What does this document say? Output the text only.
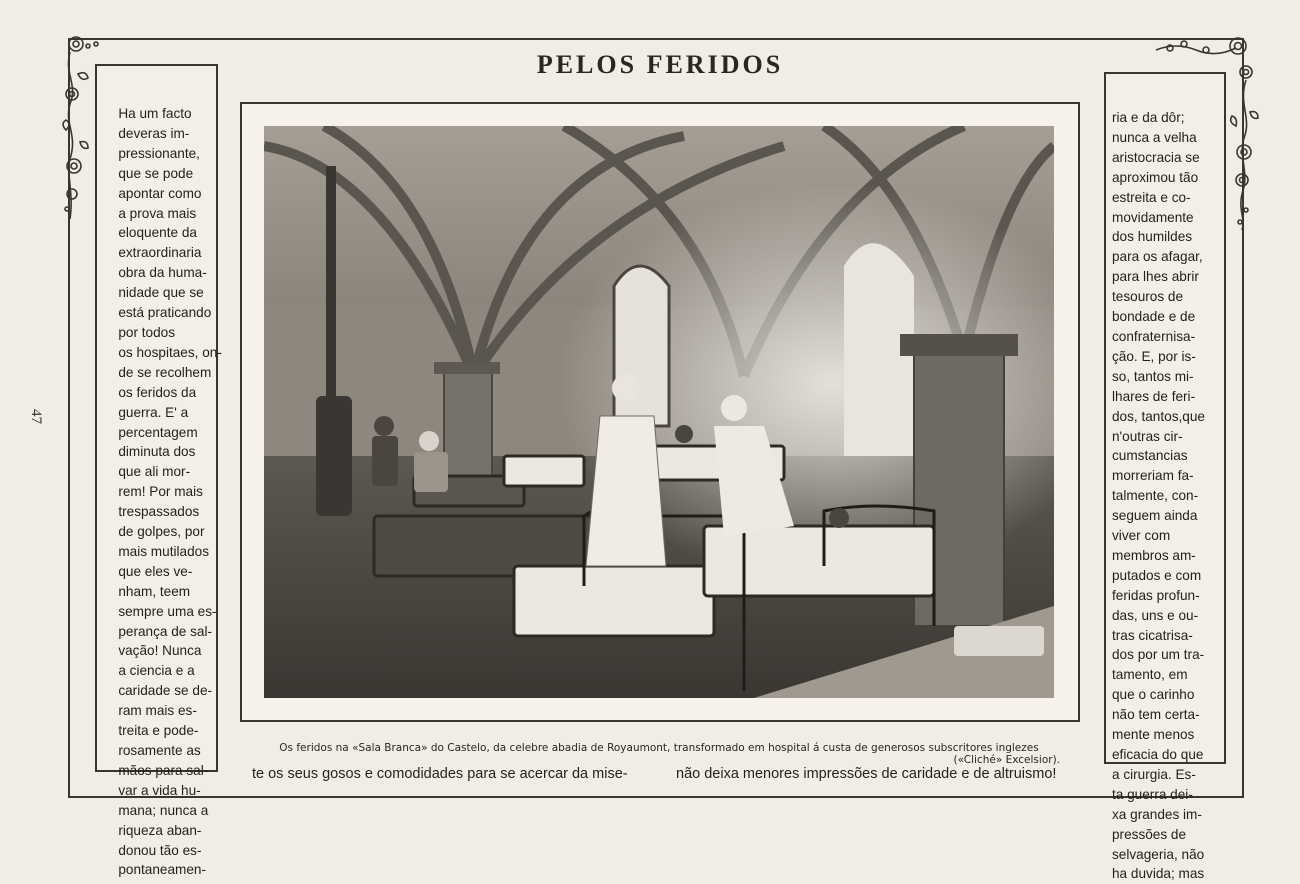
47
PELOS FERIDOS
Ha um facto
deveras im-
pressionante,
que se pode
apontar como
a prova mais
eloquente da
extraordinaria
obra da huma-
nidade que se
está praticando
por todos
os hospitaes, on-
de se recolhem
os feridos da
guerra. E' a
percentagem
diminuta dos
que ali mor-
rem! Por mais
trespassados
de golpes, por
mais mutilados
que eles ve-
nham, teem
sempre uma es-
perança de sal-
vação! Nunca
a ciencia e a
caridade se de-
ram mais es-
treita e pode-
rosamente as
mãos para sal-
var a vida hu-
mana; nunca a
riqueza aban-
donou tão es-
pontaneamen-
ria e da dôr;
nunca a velha
aristocracia se
aproximou tão
estreita e co-
movidamente
dos humildes
para os afagar,
para lhes abrir
tesouros de
bondade e de
confraternisa-
ção. E, por is-
so, tantos mi-
lhares de feri-
dos, tantos,que
n'outras cir-
cumstancias
morreriam fa-
talmente, con-
seguem ainda
viver com
membros am-
putados e com
feridas profun-
das, uns e ou-
tras cicatrisa-
dos por um tra-
tamento, em
que o carinho
não tem certa-
mente menos
eficacia do que
a cirurgia. Es-
ta guerra dei-
xa grandes im-
pressões de
selvageria, não
ha duvida; mas

Os feridos na «Sala Branca» do Castelo, da celebre abadia de Royaumont, transformado em hospital á custa de generosos subscritores inglezes
(«Cliché» Excelsior).

te os seus gosos e comodidades para se acercar da mise-	não deixa menores impressões de caridade e de altruismo!
